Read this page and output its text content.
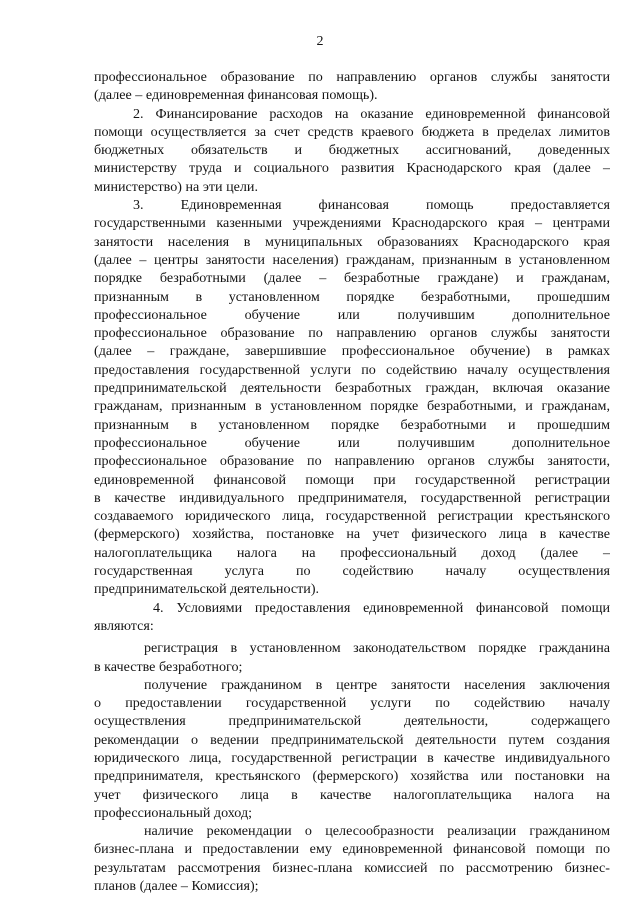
2
профессиональное образование по направлению органов службы занятости
(далее – единовременная финансовая помощь).
2. Финансирование расходов на оказание единовременной финансовой
помощи осуществляется за счет средств краевого бюджета в пределах лимитов
бюджетных обязательств и бюджетных ассигнований, доведенных
министерству труда и социального развития Краснодарского края (далее –
министерство) на эти цели.
3. Единовременная финансовая помощь предоставляется
государственными казенными учреждениями Краснодарского края – центрами
занятости населения в муниципальных образованиях Краснодарского края
(далее – центры занятости населения) гражданам, признанным в установленном
порядке безработными (далее – безработные граждане) и гражданам,
признанным в установленном порядке безработными, прошедшим
профессиональное обучение или получившим дополнительное
профессиональное образование по направлению органов службы занятости
(далее – граждане, завершившие профессиональное обучение) в рамках
предоставления государственной услуги по содействию началу осуществления
предпринимательской деятельности безработных граждан, включая оказание
гражданам, признанным в установленном порядке безработными, и гражданам,
признанным в установленном порядке безработными и прошедшим
профессиональное обучение или получившим дополнительное
профессиональное образование по направлению органов службы занятости,
единовременной финансовой помощи при государственной регистрации
в качестве индивидуального предпринимателя, государственной регистрации
создаваемого юридического лица, государственной регистрации крестьянского
(фермерского) хозяйства, постановке на учет физического лица в качестве
налогоплательщика налога на профессиональный доход (далее –
государственная услуга по содействию началу осуществления
предпринимательской деятельности).
4. Условиями предоставления единовременной финансовой помощи
являются:
регистрация в установленном законодательством порядке гражданина
в качестве безработного;
получение гражданином в центре занятости населения заключения
о предоставлении государственной услуги по содействию началу
осуществления предпринимательской деятельности, содержащего
рекомендации о ведении предпринимательской деятельности путем создания
юридического лица, государственной регистрации в качестве индивидуального
предпринимателя, крестьянского (фермерского) хозяйства или постановки на
учет физического лица в качестве налогоплательщика налога на
профессиональный доход;
наличие рекомендации о целесообразности реализации гражданином
бизнес-плана и предоставлении ему единовременной финансовой помощи по
результатам рассмотрения бизнес-плана комиссией по рассмотрению бизнес-
планов (далее – Комиссия);
